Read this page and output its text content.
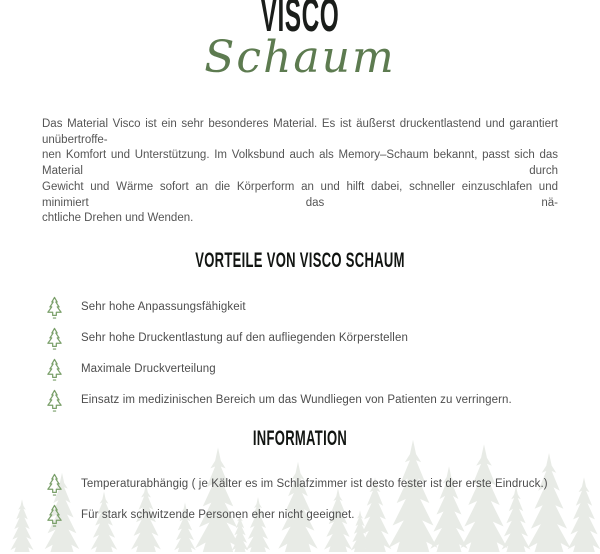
VISCO
Schaum
Das Material Visco ist ein sehr besonderes Material. Es ist äußerst druckentlastend und garantiert unübertroffe-
nen Komfort und Unterstützung. Im Volksbund auch als Memory–Schaum bekannt, passt sich das Material durch
Gewicht und Wärme sofort an die Körperform an und hilft dabei, schneller einzuschlafen und minimiert das nä-
chtliche Drehen und Wenden.
VORTEILE VON VISCO SCHAUM
Sehr hohe Anpassungsfähigkeit
Sehr hohe Druckentlastung auf den aufliegenden Körperstellen
Maximale Druckverteilung
Einsatz im medizinischen Bereich um das Wundliegen von Patienten zu verringern.
INFORMATION
Temperaturabhängig ( je Kälter es im Schlafzimmer ist desto fester ist der erste Eindruck.)
Für stark schwitzende Personen eher nicht geeignet.
